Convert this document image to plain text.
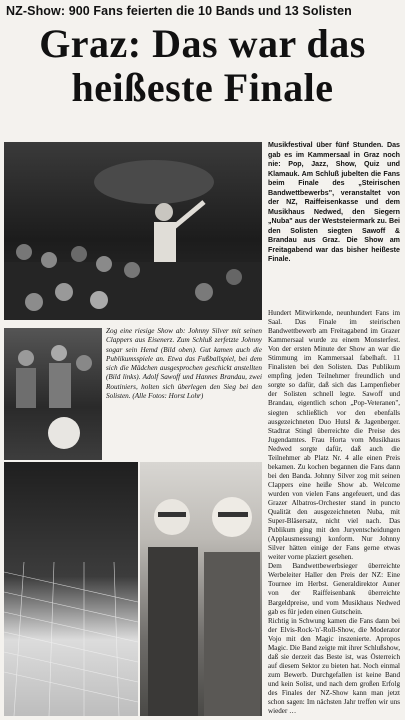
NZ-Show: 900 Fans feierten die 10 Bands und 13 Solisten
Graz: Das war das
heißeste Finale
Zog eine riesige Show ab: Johnny Silver mit seinen Clappers aus Eisenerz. Zum Schluß zerfetzte Johnny sogar sein Hemd (Bild oben). Gut kamen auch die Publikumsspiele an. Etwa das Fußballspiel, bei dem sich die Mädchen ausgesprochen geschickt anstellten (Bild links). Adolf Sawoff und Hannes Brandau, zwei Routiniers, holten sich überlegen den Sieg bei den Solisten. (Alle Fotos: Horst Lohr)
Musikfestival über fünf Stunden. Das gab es im Kammersaal in Graz noch nie: Pop, Jazz, Show, Quiz und Klamauk. Am Schluß jubelten die Fans beim Finale des „Steirischen Bandwettbewerbs", veranstaltet von der NZ, Raiffeisenkasse und dem Musikhaus Nedwed, den Siegern „Nuba" aus der Weststeiermark zu. Bei den Solisten siegten Sawoff & Brandau aus Graz. Die Show am Freitagabend war das bisher heißeste Finale.

Hundert Mitwirkende, neunhundert Fans im Saal. Das Finale im steirischen Bandwettbewerb am Freitagabend im Grazer Kammersaal wurde zu einem Monsterfest. Von der ersten Minute der Show an war die Stimmung im Kammersaal fabelhaft. 11 Finalisten bei den Solisten. Das Publikum empfing jeden Teilnehmer freundlich und sorgte so dafür, daß sich das Lampenfieber der Solisten schnell legte. Sawoff und Brandau, eigentlich schon „Pop-Veteranen", siegten schließlich vor den ebenfalls ausgezeichneten Duo Hutsl & Jagenberger. Stadtrat Stingl überreichte die Preise des Jugendamtes. Frau Horta vom Musikhaus Nedwed sorgte dafür, daß auch die Teilnehmer ab Platz Nr. 4 alle einen Preis bekamen. Zu kochen begannen die Fans dann bei den Banda. Johnny Silver zog mit seinen Clappers eine heiße Show ab. Welcome wurden von vielen Fans angefeuert, und das Grazer Albatros-Orchester stand in puncto Qualität den ausgezeichneten Nuba, mit Super-Bläsersatz, nicht viel nach. Das Publikum ging mit den Juryentscheidungen (Applausmessung) konform. Nur Johnny Silver hätten einige der Fans gerne etwas weiter vorne plaziert gesehen.

Dem Bandwettbewerbsieger überreichte Werbeleiter Haller den Preis der NZ: Eine Tournee im Herbst. Generaldirektor Auner von der Raiffeisenbank überreichte Bargeldpreise, und vom Musikhaus Nedwed gab es für jeden einen Gutschein.

Richtig in Schwung kamen die Fans dann bei der Elvis-Rock-'n'-Roll-Show, die Moderator Vojo mit den Magic inszenierte. Apropos Magic. Die Band zeigte mit ihrer Schlußshow, daß sie derzeit das Beste ist, was Österreich auf diesem Sektor zu bieten hat. Noch einmal zum Bewerb. Durchgefallen ist keine Band und kein Solist, und nach dem großen Erfolg des Finales der NZ-Show kann man jetzt schon sagen: Im nächsten Jahr treffen wir uns wieder …
